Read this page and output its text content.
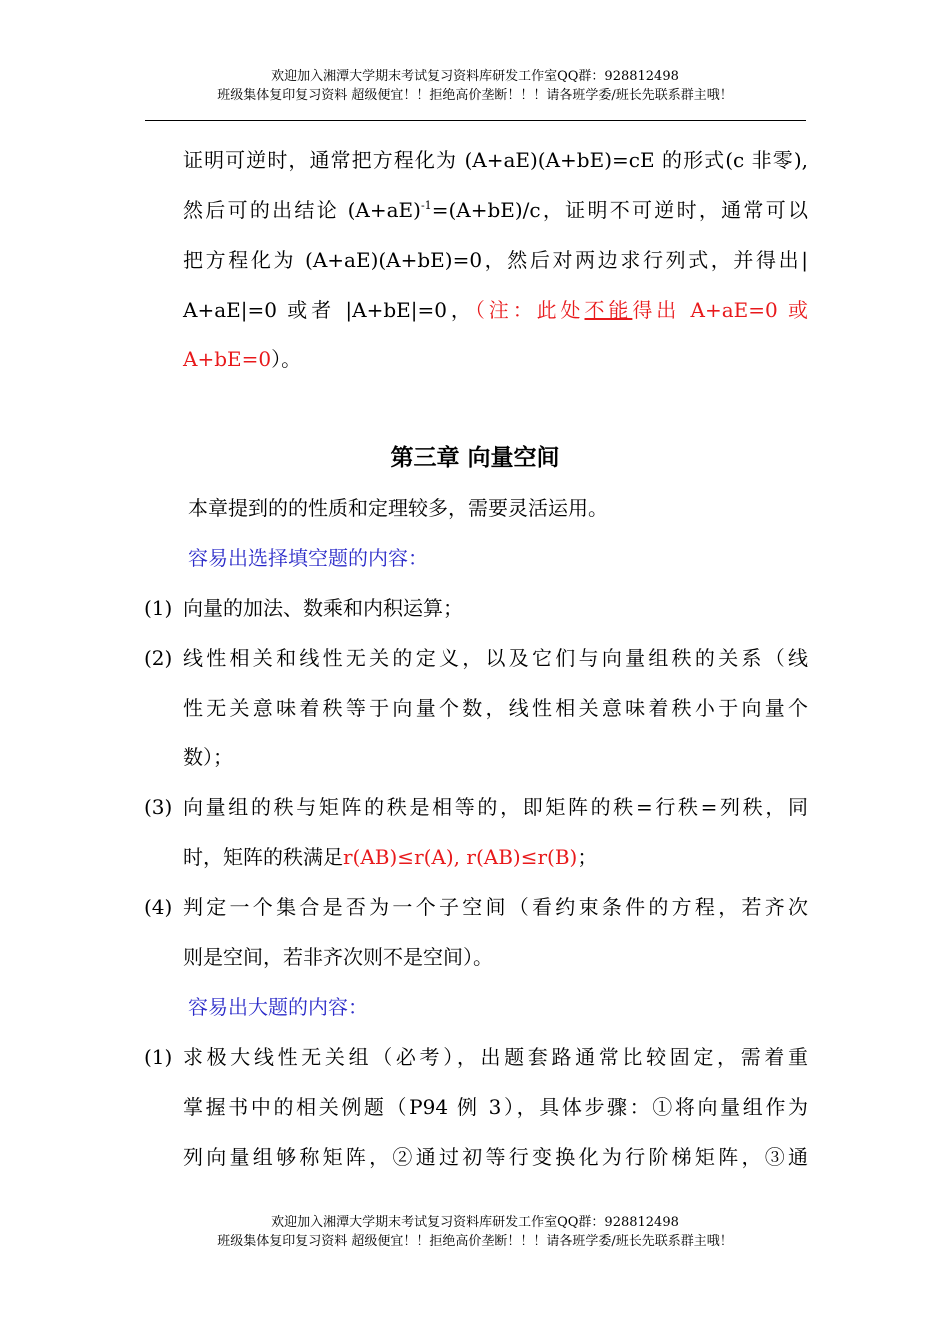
欢迎加入湘潭大学期末考试复习资料库研发工作室QQ群：928812498
班级集体复印复习资料 超级便宜！！拒绝高价垄断！！！请各班学委/班长先联系群主哦！
证明可逆时，通常把方程化为 (A+aE)(A+bE)=cE 的形式(c 非零),
然后可的出结论 $(A+aE)^{-1}=(A+bE)/c$，证明不可逆时，通常可以
把方程化为 (A+aE)(A+bE)=0，然后对两边求行列式，并得出|
A+aE|=0 或者 |A+bE|=0，（注：此处不能得出 A+aE=0 或
A+bE=0）。
第三章 向量空间
本章提到的的性质和定理较多，需要灵活运用。
容易出选择填空题的内容：
(1) 向量的加法、数乘和内积运算；
(2) 线性相关和线性无关的定义，以及它们与向量组秩的关系（线
性无关意味着秩等于向量个数，线性相关意味着秩小于向量个
数）；
(3) 向量组的秩与矩阵的秩是相等的，即矩阵的秩=行秩=列秩，同
时，矩阵的秩满足r(AB)≤r(A), r(AB)≤r(B)；
(4) 判定一个集合是否为一个子空间（看约束条件的方程，若齐次
则是空间，若非齐次则不是空间）。
容易出大题的内容：
(1) 求极大线性无关组（必考），出题套路通常比较固定，需着重
掌握书中的相关例题（P94 例 3），具体步骤：①将向量组作为
列向量组够称矩阵，②通过初等行变换化为行阶梯矩阵，③通
欢迎加入湘潭大学期末考试复习资料库研发工作室QQ群：928812498
班级集体复印复习资料 超级便宜！！拒绝高价垄断！！！请各班学委/班长先联系群主哦！
